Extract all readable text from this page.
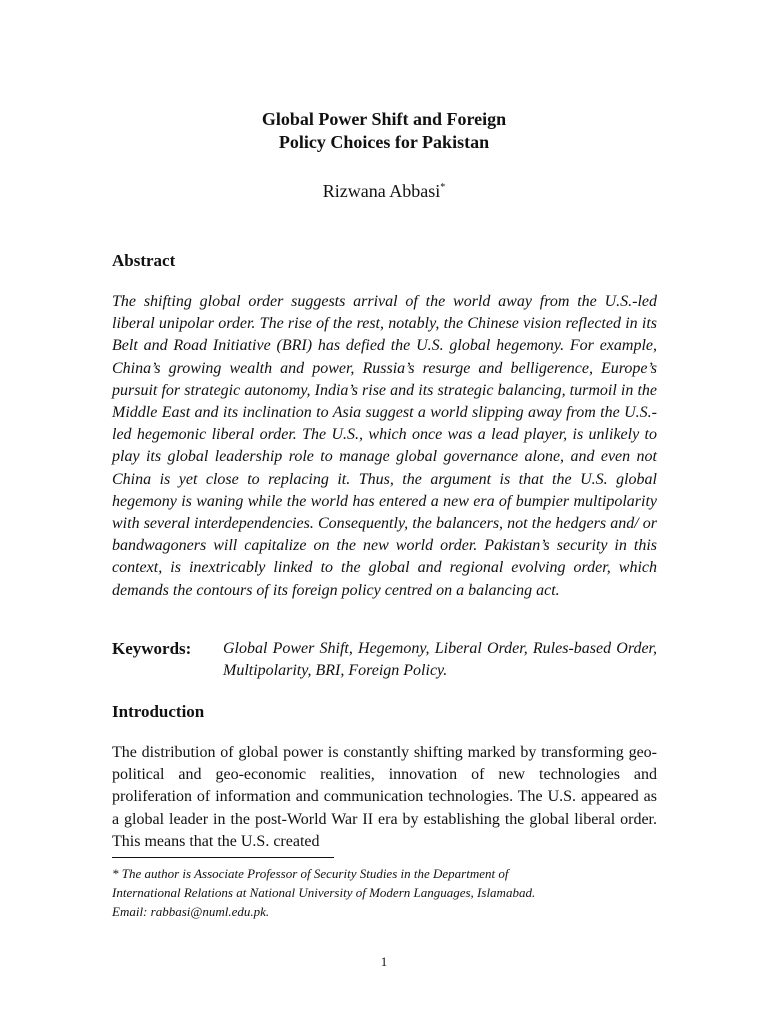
Global Power Shift and Foreign
Policy Choices for Pakistan
Rizwana Abbasi*
Abstract
The shifting global order suggests arrival of the world away from the U.S.-led liberal unipolar order. The rise of the rest, notably, the Chinese vision reflected in its Belt and Road Initiative (BRI) has defied the U.S. global hegemony. For example, China’s growing wealth and power, Russia’s resurge and belligerence, Europe’s pursuit for strategic autonomy, India’s rise and its strategic balancing, turmoil in the Middle East and its inclination to Asia suggest a world slipping away from the U.S.-led hegemonic liberal order. The U.S., which once was a lead player, is unlikely to play its global leadership role to manage global governance alone, and even not China is yet close to replacing it. Thus, the argument is that the U.S. global hegemony is waning while the world has entered a new era of bumpier multipolarity with several interdependencies. Consequently, the balancers, not the hedgers and/ or bandwagoners will capitalize on the new world order. Pakistan’s security in this context, is inextricably linked to the global and regional evolving order, which demands the contours of its foreign policy centred on a balancing act.
Keywords: Global Power Shift, Hegemony, Liberal Order, Rules-based Order, Multipolarity, BRI, Foreign Policy.
Introduction
The distribution of global power is constantly shifting marked by transforming geo-political and geo-economic realities, innovation of new technologies and proliferation of information and communication technologies. The U.S. appeared as a global leader in the post-World War II era by establishing the global liberal order. This means that the U.S. created
* The author is Associate Professor of Security Studies in the Department of
International Relations at National University of Modern Languages, Islamabad.
Email: rabbasi@numl.edu.pk.
1
